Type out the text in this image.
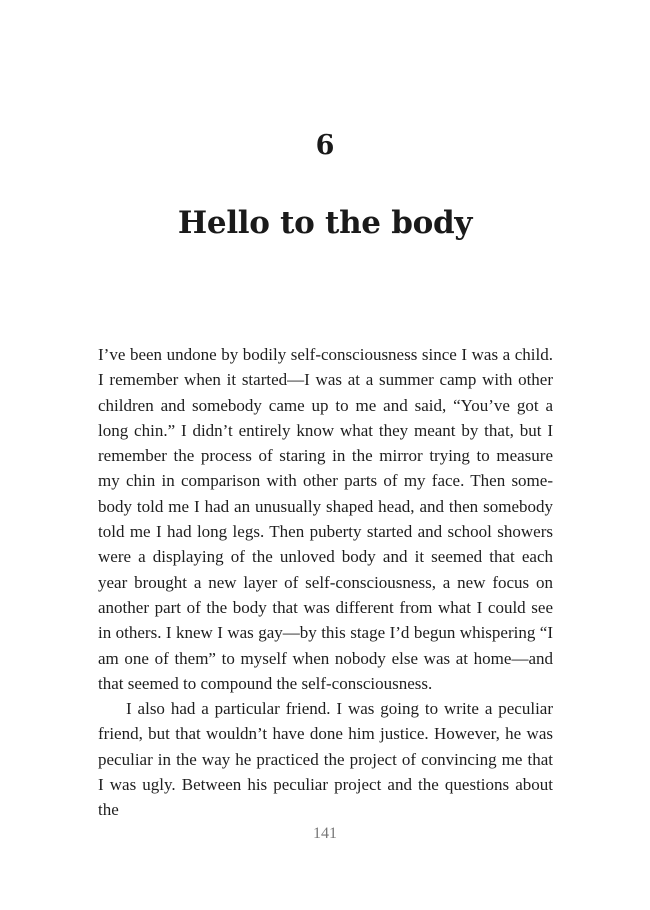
6
Hello to the body

I’ve been undone by bodily self-consciousness since I was a child. I remember when it started—I was at a summer camp with other children and somebody came up to me and said, “You’ve got a long chin.” I didn’t entirely know what they meant by that, but I remember the process of staring in the mirror trying to measure my chin in comparison with other parts of my face. Then somebody told me I had an unusually shaped head, and then somebody told me I had long legs. Then puberty started and school showers were a displaying of the unloved body and it seemed that each year brought a new layer of self-consciousness, a new focus on another part of the body that was different from what I could see in others. I knew I was gay—by this stage I’d begun whispering “I am one of them” to myself when nobody else was at home—and that seemed to compound the self-consciousness.

I also had a particular friend. I was going to write a peculiar friend, but that wouldn’t have done him justice. However, he was peculiar in the way he practiced the project of convincing me that I was ugly. Between his peculiar project and the questions about the

141
